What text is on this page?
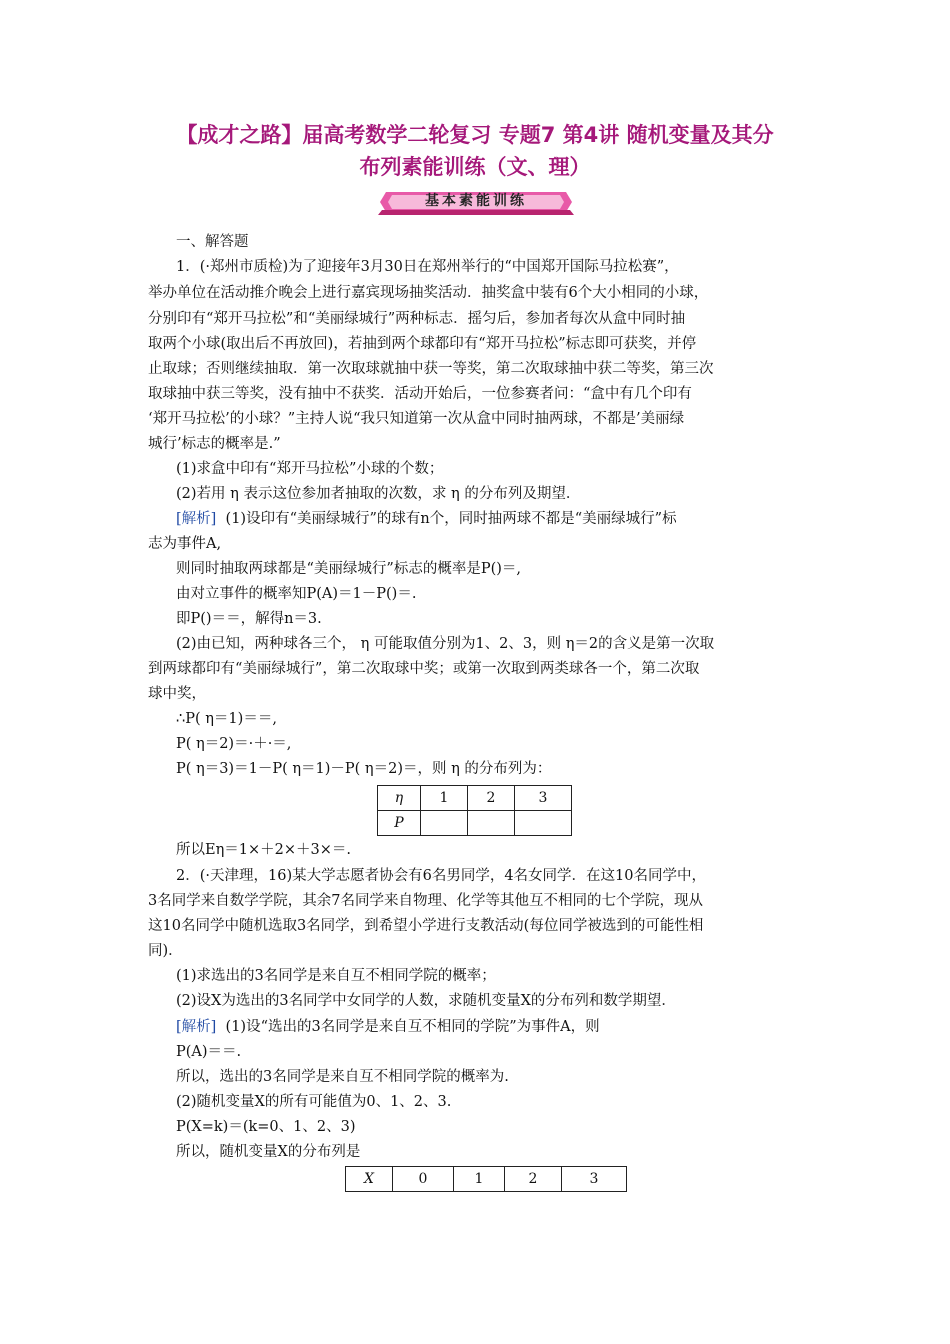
【成才之路】届高考数学二轮复习 专题7 第4讲 随机变量及其分
布列素能训练（文、理）
基本素能训练
一、解答题
1．(·郑州市质检)为了迎接年3月30日在郑州举行的“中国郑开国际马拉松赛”，
举办单位在活动推介晚会上进行嘉宾现场抽奖活动．抽奖盒中装有6个大小相同的小球，
分别印有“郑开马拉松”和“美丽绿城行”两种标志．摇匀后，参加者每次从盒中同时抽
取两个小球(取出后不再放回)，若抽到两个球都印有“郑开马拉松”标志即可获奖，并停
止取球；否则继续抽取．第一次取球就抽中获一等奖，第二次取球抽中获二等奖，第三次
取球抽中获三等奖，没有抽中不获奖．活动开始后，一位参赛者问：“盒中有几个印有
‘郑开马拉松’的小球？”主持人说“我只知道第一次从盒中同时抽两球，不都是’美丽绿
城行’标志的概率是.”
(1)求盒中印有“郑开马拉松”小球的个数；
(2)若用 η 表示这位参加者抽取的次数，求 η 的分布列及期望．
[解析] (1)设印有“美丽绿城行”的球有n个，同时抽两球不都是“美丽绿城行”标
志为事件A,
则同时抽取两球都是“美丽绿城行”标志的概率是P()＝,
由对立事件的概率知P(A)＝1－P()＝.
即P()＝＝，解得n＝3.
(2)由已知，两种球各三个， η 可能取值分别为1、2、3，则 η＝2的含义是第一次取
到两球都印有“美丽绿城行”，第二次取球中奖；或第一次取到两类球各一个，第二次取
球中奖，
∴P( η＝1)＝＝,
P( η＝2)＝·＋·＝,
P( η＝3)＝1－P( η＝1)－P( η＝2)＝，则 η 的分布列为：
η	1	2	3
P			
所以Eη＝1×＋2×＋3×＝.
2．(·天津理，16)某大学志愿者协会有6名男同学，4名女同学．在这10名同学中，
3名同学来自数学学院，其余7名同学来自物理、化学等其他互不相同的七个学院，现从
这10名同学中随机选取3名同学，到希望小学进行支教活动(每位同学被选到的可能性相
同)．
(1)求选出的3名同学是来自互不相同学院的概率；
(2)设X为选出的3名同学中女同学的人数，求随机变量X的分布列和数学期望．
[解析] (1)设“选出的3名同学是来自互不相同的学院”为事件A，则
P(A)＝＝.
所以，选出的3名同学是来自互不相同学院的概率为.
(2)随机变量X的所有可能值为0、1、2、3.
P(X=k)＝(k=0、1、2、3)
所以，随机变量X的分布列是
X	0	1	2	3
